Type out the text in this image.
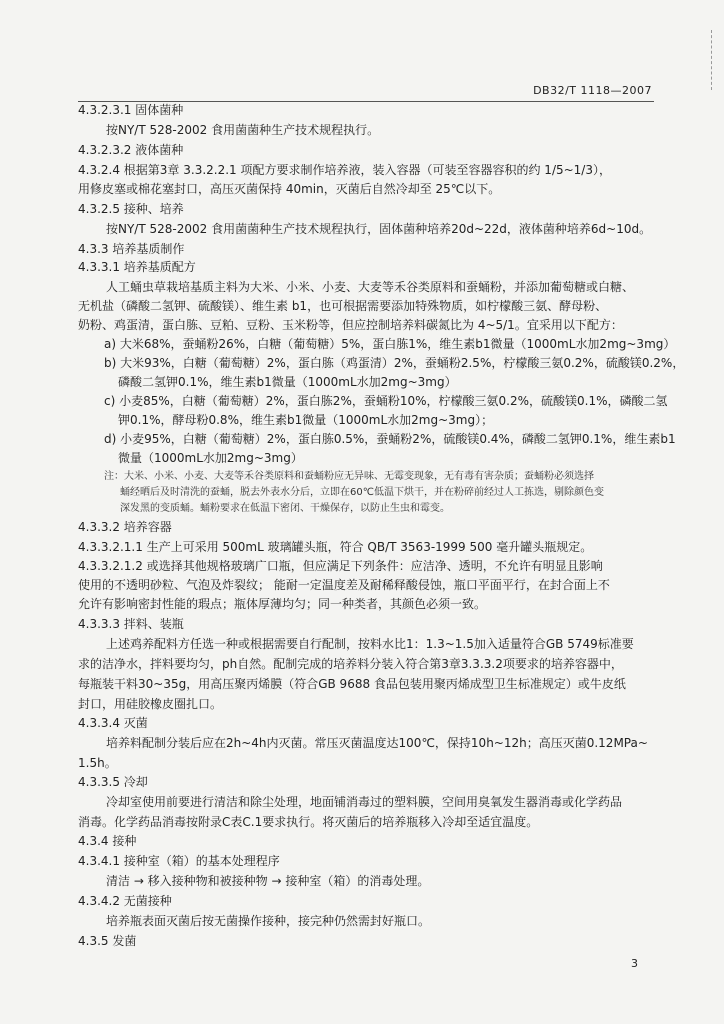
DB32/T 1118—2007
4.3.2.3.1 固体菌种
按NY/T 528-2002 食用菌菌种生产技术规程执行。
4.3.2.3.2 液体菌种
4.3.2.4 根据第3章 3.3.2.2.1 项配方要求制作培养液，装入容器（可装至容器容积的约 1/5~1/3），
用修皮塞或棉花塞封口，高压灭菌保持 40min，灭菌后自然冷却至 25℃以下。
4.3.2.5 接种、培养
按NY/T 528-2002 食用菌菌种生产技术规程执行，固体菌种培养20d~22d，液体菌种培养6d~10d。
4.3.3 培养基质制作
4.3.3.1 培养基质配方
人工蛹虫草栽培基质主料为大米、小米、小麦、大麦等禾谷类原料和蚕蛹粉，并添加葡萄糖或白糖、
无机盐（磷酸二氢钾、硫酸镁）、维生素 b1，也可根据需要添加特殊物质，如柠檬酸三氨、酵母粉、
奶粉、鸡蛋清，蛋白胨、豆粕、豆粉、玉米粉等，但应控制培养料碳氮比为 4~5/1。宜采用以下配方：
a) 大米68%，蚕蛹粉26%，白糖（葡萄糖）5%，蛋白胨1%，维生素b1微量（1000mL水加2mg~3mg）
b) 大米93%，白糖（葡萄糖）2%，蛋白胨（鸡蛋清）2%，蚕蛹粉2.5%，柠檬酸三氨0.2%，硫酸镁0.2%，
磷酸二氢钾0.1%，维生素b1微量（1000mL水加2mg~3mg）
c) 小麦85%，白糖（葡萄糖）2%，蛋白胨2%，蚕蛹粉10%，柠檬酸三氨0.2%，硫酸镁0.1%，磷酸二氢
钾0.1%，酵母粉0.8%，维生素b1微量（1000mL水加2mg~3mg）；
d) 小麦95%，白糖（葡萄糖）2%，蛋白胨0.5%，蚕蛹粉2%，硫酸镁0.4%，磷酸二氢钾0.1%，维生素b1
微量（1000mL水加2mg~3mg）
注：大米、小米、小麦、大麦等禾谷类原料和蚕蛹粉应无异味、无霉变现象，无有毒有害杂质；蚕蛹粉必须选择
蛹经晒后及时清洗的蚕蛹，脱去外表水分后，立即在60℃低温下烘干，并在粉碎前经过人工拣选，剔除颜色变
深发黑的变质蛹。蛹粉要求在低温下密闭、干燥保存，以防止生虫和霉变。
4.3.3.2 培养容器
4.3.3.2.1.1 生产上可采用 500mL 玻璃罐头瓶，符合 QB/T 3563-1999 500 毫升罐头瓶规定。
4.3.3.2.1.2 或选择其他规格玻璃广口瓶，但应满足下列条件：应洁净、透明，不允许有明显且影响
使用的不透明砂粒、气泡及炸裂纹； 能耐一定温度差及耐稀释酸侵蚀，瓶口平面平行，在封合面上不
允许有影响密封性能的瑕点；瓶体厚薄均匀；同一种类者，其颜色必须一致。
4.3.3.3 拌料、装瓶
上述鸡养配料方任选一种或根据需要自行配制，按料水比1：1.3~1.5加入适量符合GB 5749标准要
求的洁净水，拌料要均匀，ph自然。配制完成的培养料分装入符合第3章3.3.3.2项要求的培养容器中，
每瓶装干料30~35g，用高压聚丙烯膜（符合GB 9688 食品包装用聚丙烯成型卫生标准规定）或牛皮纸
封口，用硅胶橡皮圈扎口。
4.3.3.4 灭菌
培养料配制分装后应在2h~4h内灭菌。常压灭菌温度达100℃，保持10h~12h；高压灭菌0.12MPa~
1.5h。
4.3.3.5 冷却
冷却室使用前要进行清洁和除尘处理，地面铺消毒过的塑料膜，空间用臭氧发生器消毒或化学药品
消毒。化学药品消毒按附录C表C.1要求执行。将灭菌后的培养瓶移入冷却至适宜温度。
4.3.4 接种
4.3.4.1 接种室（箱）的基本处理程序
清洁 → 移入接种物和被接种物 → 接种室（箱）的消毒处理。
4.3.4.2 无菌接种
培养瓶表面灭菌后按无菌操作接种，接完种仍然需封好瓶口。
4.3.5 发菌
3
